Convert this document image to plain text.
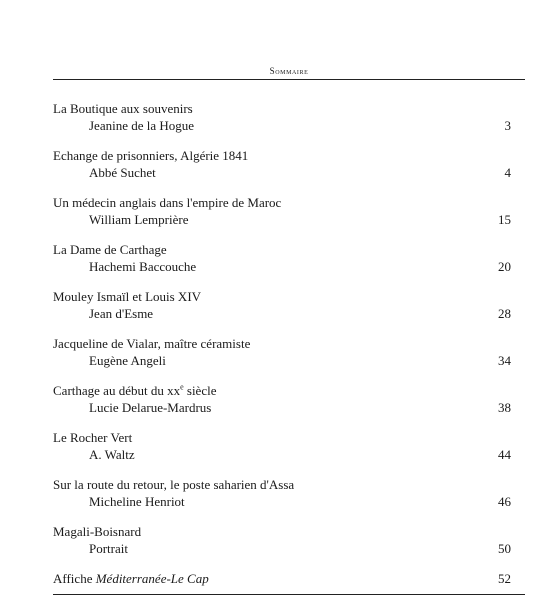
Sommaire
La Boutique aux souvenirs
Jeanine de la Hogue	3
Echange de prisonniers, Algérie 1841
Abbé Suchet	4
Un médecin anglais dans l'empire de Maroc
William Lemprière	15
La Dame de Carthage
Hachemi Baccouche	20
Mouley Ismaïl et Louis XIV
Jean d'Esme	28
Jacqueline de Vialar, maître céramiste
Eugène Angeli	34
Carthage au début du $xx^e$ siècle
Lucie Delarue-Mardrus	38
Le Rocher Vert
A. Waltz	44
Sur la route du retour, le poste saharien d'Assa
Micheline Henriot	46
Magali-Boisnard
Portrait	50
Affiche Méditerranée-Le Cap	52
